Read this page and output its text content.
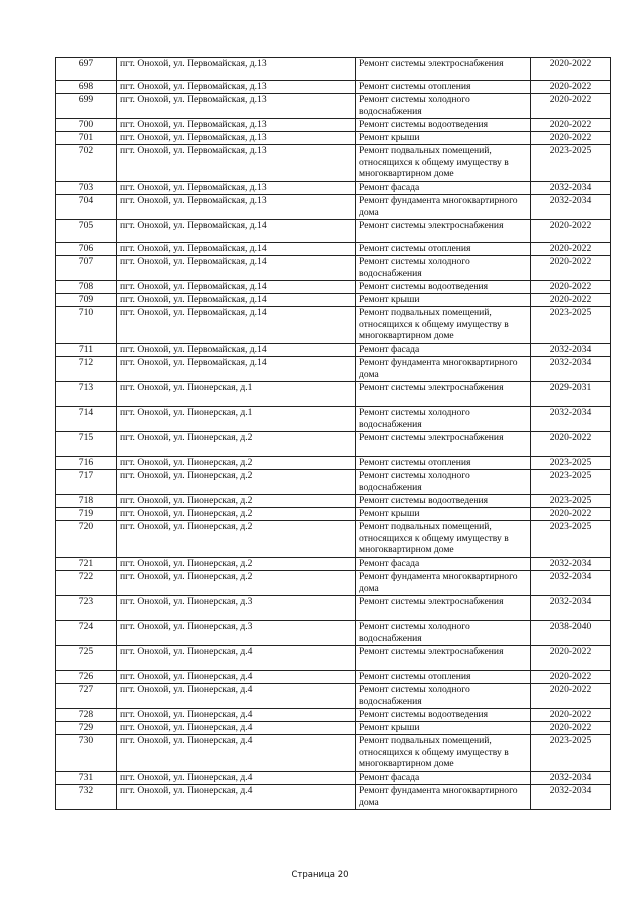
697	пгт. Онохой, ул. Первомайская, д.13	Ремонт системы электроснабжения	2020-2022
698	пгт. Онохой, ул. Первомайская, д.13	Ремонт системы отопления	2020-2022
699	пгт. Онохой, ул. Первомайская, д.13	Ремонт системы холодного водоснабжения	2020-2022
700	пгт. Онохой, ул. Первомайская, д.13	Ремонт системы водоотведения	2020-2022
701	пгт. Онохой, ул. Первомайская, д.13	Ремонт крыши	2020-2022
702	пгт. Онохой, ул. Первомайская, д.13	Ремонт подвальных помещений, относящихся к общему имуществу в многоквартирном доме	2023-2025
703	пгт. Онохой, ул. Первомайская, д.13	Ремонт фасада	2032-2034
704	пгт. Онохой, ул. Первомайская, д.13	Ремонт фундамента многоквартирного дома	2032-2034
705	пгт. Онохой, ул. Первомайская, д.14	Ремонт системы электроснабжения	2020-2022
706	пгт. Онохой, ул. Первомайская, д.14	Ремонт системы отопления	2020-2022
707	пгт. Онохой, ул. Первомайская, д.14	Ремонт системы холодного водоснабжения	2020-2022
708	пгт. Онохой, ул. Первомайская, д.14	Ремонт системы водоотведения	2020-2022
709	пгт. Онохой, ул. Первомайская, д.14	Ремонт крыши	2020-2022
710	пгт. Онохой, ул. Первомайская, д.14	Ремонт подвальных помещений, относящихся к общему имуществу в многоквартирном доме	2023-2025
711	пгт. Онохой, ул. Первомайская, д.14	Ремонт фасада	2032-2034
712	пгт. Онохой, ул. Первомайская, д.14	Ремонт фундамента многоквартирного дома	2032-2034
713	пгт. Онохой, ул. Пионерская, д.1	Ремонт системы электроснабжения	2029-2031
714	пгт. Онохой, ул. Пионерская, д.1	Ремонт системы холодного водоснабжения	2032-2034
715	пгт. Онохой, ул. Пионерская, д.2	Ремонт системы электроснабжения	2020-2022
716	пгт. Онохой, ул. Пионерская, д.2	Ремонт системы отопления	2023-2025
717	пгт. Онохой, ул. Пионерская, д.2	Ремонт системы холодного водоснабжения	2023-2025
718	пгт. Онохой, ул. Пионерская, д.2	Ремонт системы водоотведения	2023-2025
719	пгт. Онохой, ул. Пионерская, д.2	Ремонт крыши	2020-2022
720	пгт. Онохой, ул. Пионерская, д.2	Ремонт подвальных помещений, относящихся к общему имуществу в многоквартирном доме	2023-2025
721	пгт. Онохой, ул. Пионерская, д.2	Ремонт фасада	2032-2034
722	пгт. Онохой, ул. Пионерская, д.2	Ремонт фундамента многоквартирного дома	2032-2034
723	пгт. Онохой, ул. Пионерская, д.3	Ремонт системы электроснабжения	2032-2034
724	пгт. Онохой, ул. Пионерская, д.3	Ремонт системы холодного водоснабжения	2038-2040
725	пгт. Онохой, ул. Пионерская, д.4	Ремонт системы электроснабжения	2020-2022
726	пгт. Онохой, ул. Пионерская, д.4	Ремонт системы отопления	2020-2022
727	пгт. Онохой, ул. Пионерская, д.4	Ремонт системы холодного водоснабжения	2020-2022
728	пгт. Онохой, ул. Пионерская, д.4	Ремонт системы водоотведения	2020-2022
729	пгт. Онохой, ул. Пионерская, д.4	Ремонт крыши	2020-2022
730	пгт. Онохой, ул. Пионерская, д.4	Ремонт подвальных помещений, относящихся к общему имуществу в многоквартирном доме	2023-2025
731	пгт. Онохой, ул. Пионерская, д.4	Ремонт фасада	2032-2034
732	пгт. Онохой, ул. Пионерская, д.4	Ремонт фундамента многоквартирного дома	2032-2034
Страница 20
